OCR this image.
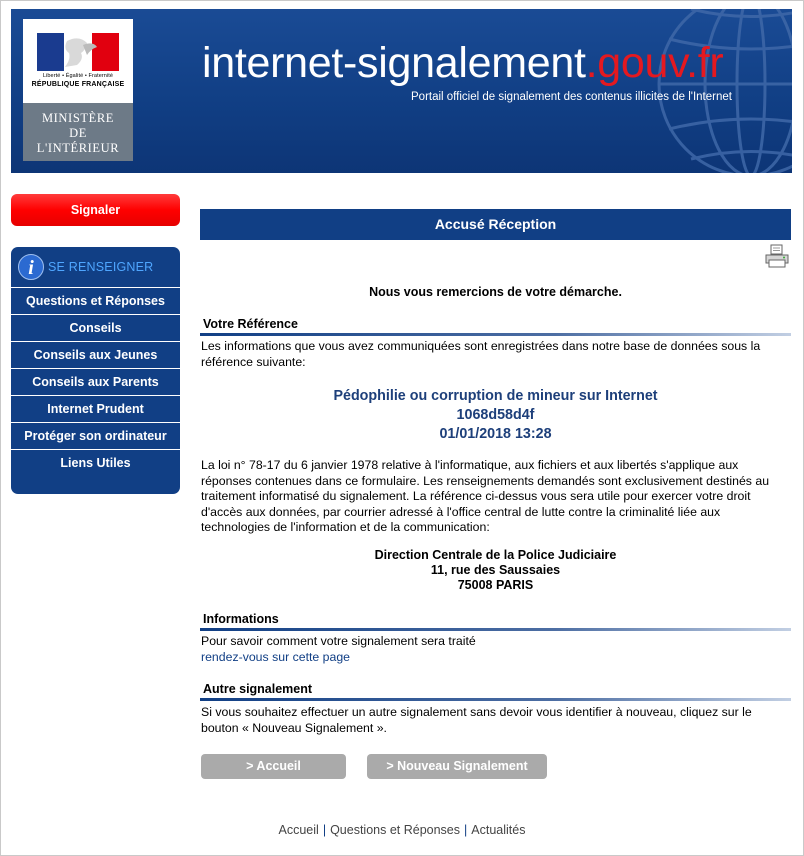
Liberté • Égalité • Fraternité
RÉPUBLIQUE FRANÇAISE
MINISTÈRE
DE
L'INTÉRIEUR
internet-signalement.gouv.fr
Portail officiel de signalement des contenus illicites de l'Internet
Signaler
i	SE RENSEIGNER
Questions et Réponses
Conseils
Conseils aux Jeunes
Conseils aux Parents
Internet Prudent
Protéger son ordinateur
Liens Utiles
Accusé Réception
Nous vous remercions de votre démarche.
Votre Référence
Les informations que vous avez communiquées sont enregistrées dans notre base de données sous la référence suivante:
Pédophilie ou corruption de mineur sur Internet
1068d58d4f
01/01/2018 13:28
La loi n° 78-17 du 6 janvier 1978 relative à l'informatique, aux fichiers et aux libertés s'applique aux réponses contenues dans ce formulaire. Les renseignements demandés sont exclusivement destinés au traitement informatisé du signalement. La référence ci-dessus vous sera utile pour exercer votre droit d'accès aux données, par courrier adressé à l'office central de lutte contre la criminalité liée aux technologies de l'information et de la communication:
Direction Centrale de la Police Judiciaire
11, rue des Saussaies
75008 PARIS
Informations
Pour savoir comment votre signalement sera traité
rendez-vous sur cette page
Autre signalement
Si vous souhaitez effectuer un autre signalement sans devoir vous identifier à nouveau, cliquez sur le bouton « Nouveau Signalement ».
> Accueil	> Nouveau Signalement
Accueil | Questions et Réponses | Actualités
